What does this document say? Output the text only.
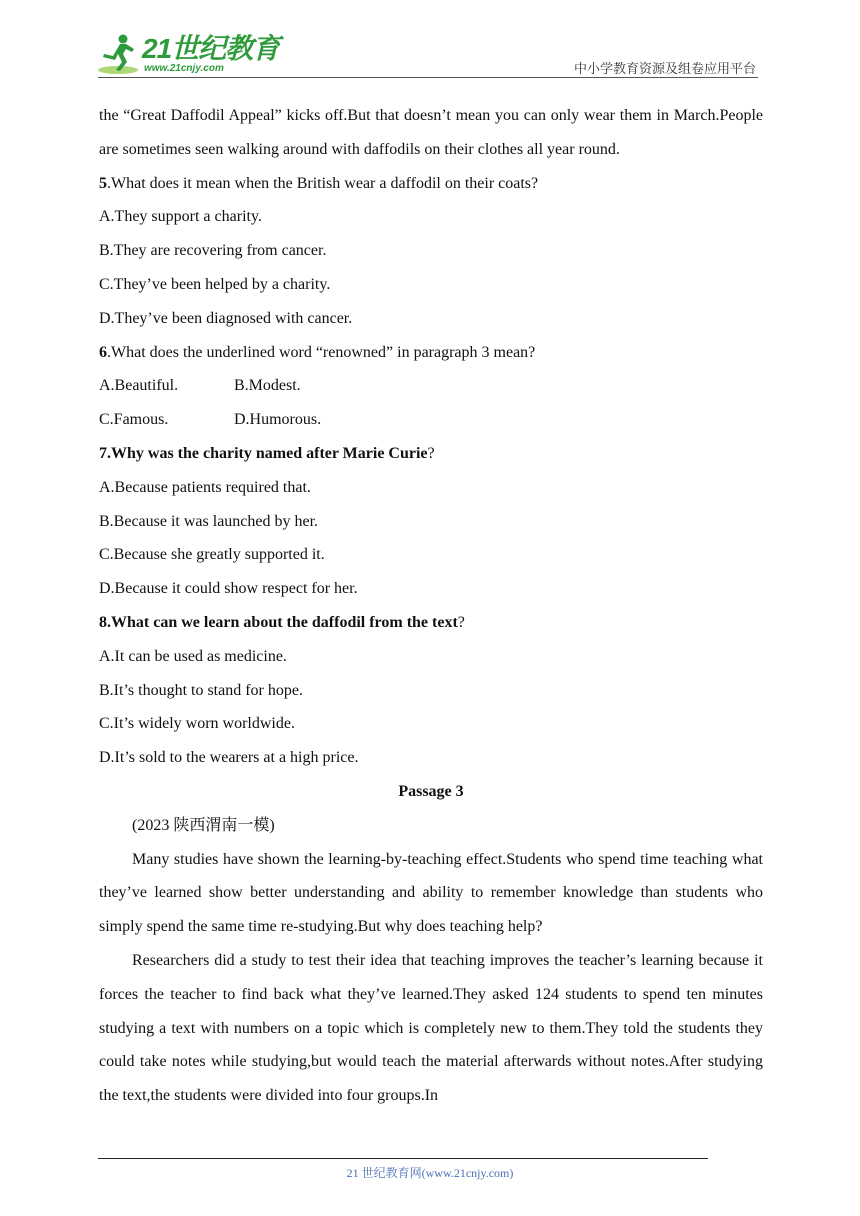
21世纪教育
www.21cnjy.com	中小学教育资源及组卷应用平台

the “Great Daffodil Appeal” kicks off.But that doesn’t mean you can only wear them in March.People are sometimes seen walking around with daffodils on their clothes all year round.

5.What does it mean when the British wear a daffodil on their coats?

A.They support a charity.

B.They are recovering from cancer.

C.They’ve been helped by a charity.

D.They’ve been diagnosed with cancer.

6.What does the underlined word “renowned” in paragraph 3 mean?

A.Beautiful.	B.Modest.

C.Famous.	D.Humorous.

7.Why was the charity named after Marie Curie?

A.Because patients required that.

B.Because it was launched by her.

C.Because she greatly supported it.

D.Because it could show respect for her.

8.What can we learn about the daffodil from the text?

A.It can be used as medicine.

B.It’s thought to stand for hope.

C.It’s widely worn worldwide.

D.It’s sold to the wearers at a high price.

Passage 3

(2023 陕西渭南一模)

Many studies have shown the learning-by-teaching effect.Students who spend time teaching what they’ve learned show better understanding and ability to remember knowledge than students who simply spend the same time re-studying.But why does teaching help?

Researchers did a study to test their idea that teaching improves the teacher’s learning because it forces the teacher to find back what they’ve learned.They asked 124 students to spend ten minutes studying a text with numbers on a topic which is completely new to them.They told the students they could take notes while studying,but would teach the material afterwards without notes.After studying the text,the students were divided into four groups.In

21 世纪教育网(www.21cnjy.com)
